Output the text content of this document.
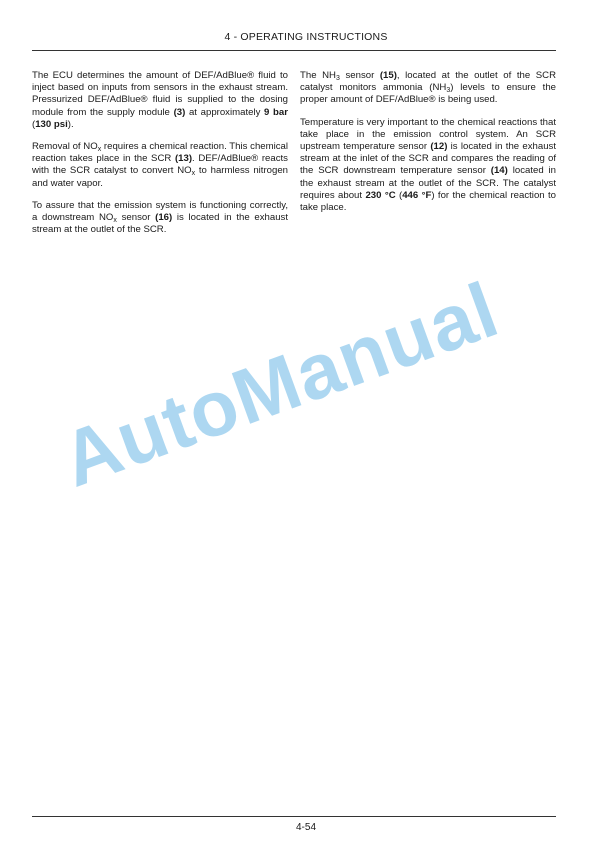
4 - OPERATING INSTRUCTIONS

The ECU determines the amount of DEF/AdBlue® fluid to inject based on inputs from sensors in the exhaust stream. Pressurized DEF/AdBlue® fluid is supplied to the dosing module from the supply module (3) at approximately 9 bar (130 psi).

Removal of $NO_x$ requires a chemical reaction. This chemical reaction takes place in the SCR (13). DEF/AdBlue® reacts with the SCR catalyst to convert $NO_x$ to harmless nitrogen and water vapor.

To assure that the emission system is functioning correctly, a downstream $NO_x$ sensor (16) is located in the exhaust stream at the outlet of the SCR.

The $NH_3$ sensor (15), located at the outlet of the SCR catalyst monitors ammonia $(NH_3)$ levels to ensure the proper amount of DEF/AdBlue® is being used.

Temperature is very important to the chemical reactions that take place in the emission control system. An SCR upstream temperature sensor (12) is located in the exhaust stream at the inlet of the SCR and compares the reading of the SCR downstream temperature sensor (14) located in the exhaust stream at the outlet of the SCR. The catalyst requires about 230 °C (446 °F) for the chemical reaction to take place.

AutoManual
4-54
